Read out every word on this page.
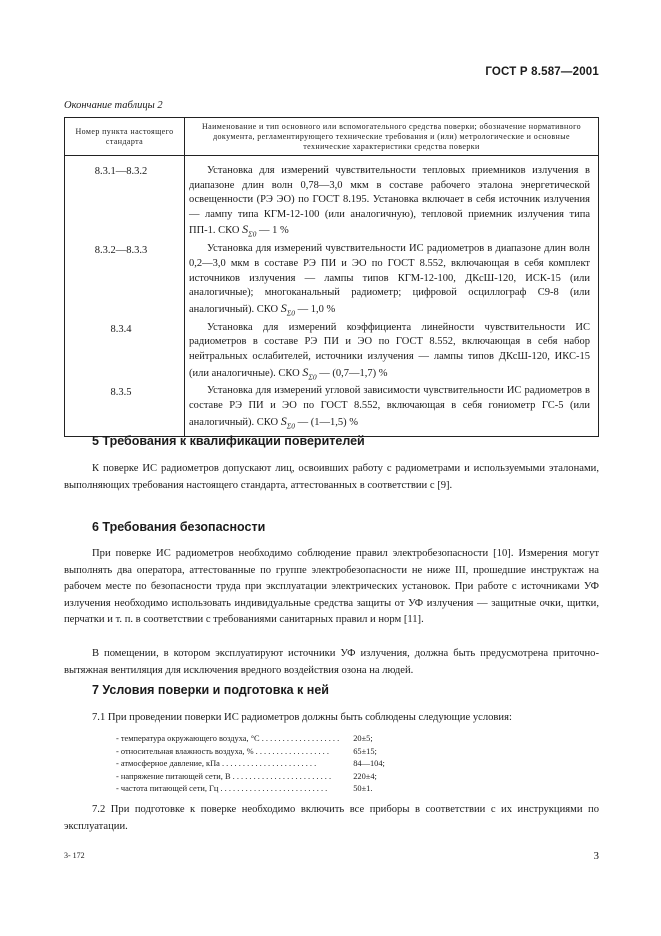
ГОСТ Р 8.587—2001
Окончание таблицы 2
Номер пункта настоящего стандарта	Наименование и тип основного или вспомогательного средства поверки; обозначение нормативного документа, регламентирующего технические требования и (или) метрологические и основные технические характеристики средства поверки
8.3.1—8.3.2	Установка для измерений чувствительности тепловых приемников излучения в диапазоне длин волн 0,78—3,0 мкм в составе рабочего эталона энергетической освещенности (РЭ ЭО) по ГОСТ 8.195. Установка включает в себя источник излучения — лампу типа КГМ-12-100 (или аналогичную), тепловой приемник излучения типа ПП-1. СКО $S_{\Sigma 0}$ — 1 %

8.3.2—8.3.3	Установка для измерений чувствительности ИС радиометров в диапазоне длин волн 0,2—3,0 мкм в составе РЭ ПИ и ЭО по ГОСТ 8.552, включающая в себя комплект источников излучения — лампы типов КГМ-12-100, ДКсШ-120, ИСК-15 (или аналогичные); многоканальный радиометр; цифровой осциллограф С9-8 (или аналогичный). СКО $S_{\Sigma 0}$ — 1,0 %

8.3.4	Установка для измерений коэффициента линейности чувствительности ИС радиометров в составе РЭ ПИ и ЭО по ГОСТ 8.552, включающая в себя набор нейтральных ослабителей, источники излучения — лампы типов ДКсШ-120, ИКС-15 (или аналогичные). СКО $S_{\Sigma 0}$ — (0,7—1,7) %

8.3.5	Установка для измерений угловой зависимости чувствительности ИС радиометров в составе РЭ ПИ и ЭО по ГОСТ 8.552, включающая в себя гониометр ГС-5 (или аналогичный). СКО $S_{\Sigma 0}$ — (1—1,5) %

5 Требования к квалификации поверителей

К поверке ИС радиометров допускают лиц, освоивших работу с радиометрами и используемыми эталонами, выполняющих требования настоящего стандарта, аттестованных в соответствии с [9].

6 Требования безопасности

При поверке ИС радиометров необходимо соблюдение правил электробезопасности [10]. Измерения могут выполнять два оператора, аттестованные по группе электробезопасности не ниже III, прошедшие инструктаж на рабочем месте по безопасности труда при эксплуатации электрических установок. При работе с источниками УФ излучения необходимо использовать индивидуальные средства защиты от УФ излучения — защитные очки, щитки, перчатки и т. п. в соответствии с требованиями санитарных правил и норм [11].

В помещении, в котором эксплуатируют источники УФ излучения, должна быть предусмотрена приточно-вытяжная вентиляция для исключения вредного воздействия озона на людей.

7 Условия поверки и подготовка к ней

7.1 При проведении поверки ИС радиометров должны быть соблюдены следующие условия:

- температура окружающего воздуха, °С . . . . . . . . . . . . . . . . . . .	20±5;
- относительная влажность воздуха, % . . . . . . . . . . . . . . . . . .	65±15;
- атмосферное давление, кПа . . . . . . . . . . . . . . . . . . . . . . .	84—104;
- напряжение питающей сети, В . . . . . . . . . . . . . . . . . . . . . . . .	220±4;
- частота питающей сети, Гц . . . . . . . . . . . . . . . . . . . . . . . . . .	50±1.

7.2 При подготовке к поверке необходимо включить все приборы в соответствии с их инструкциями по эксплуатации.

3- 172	3
